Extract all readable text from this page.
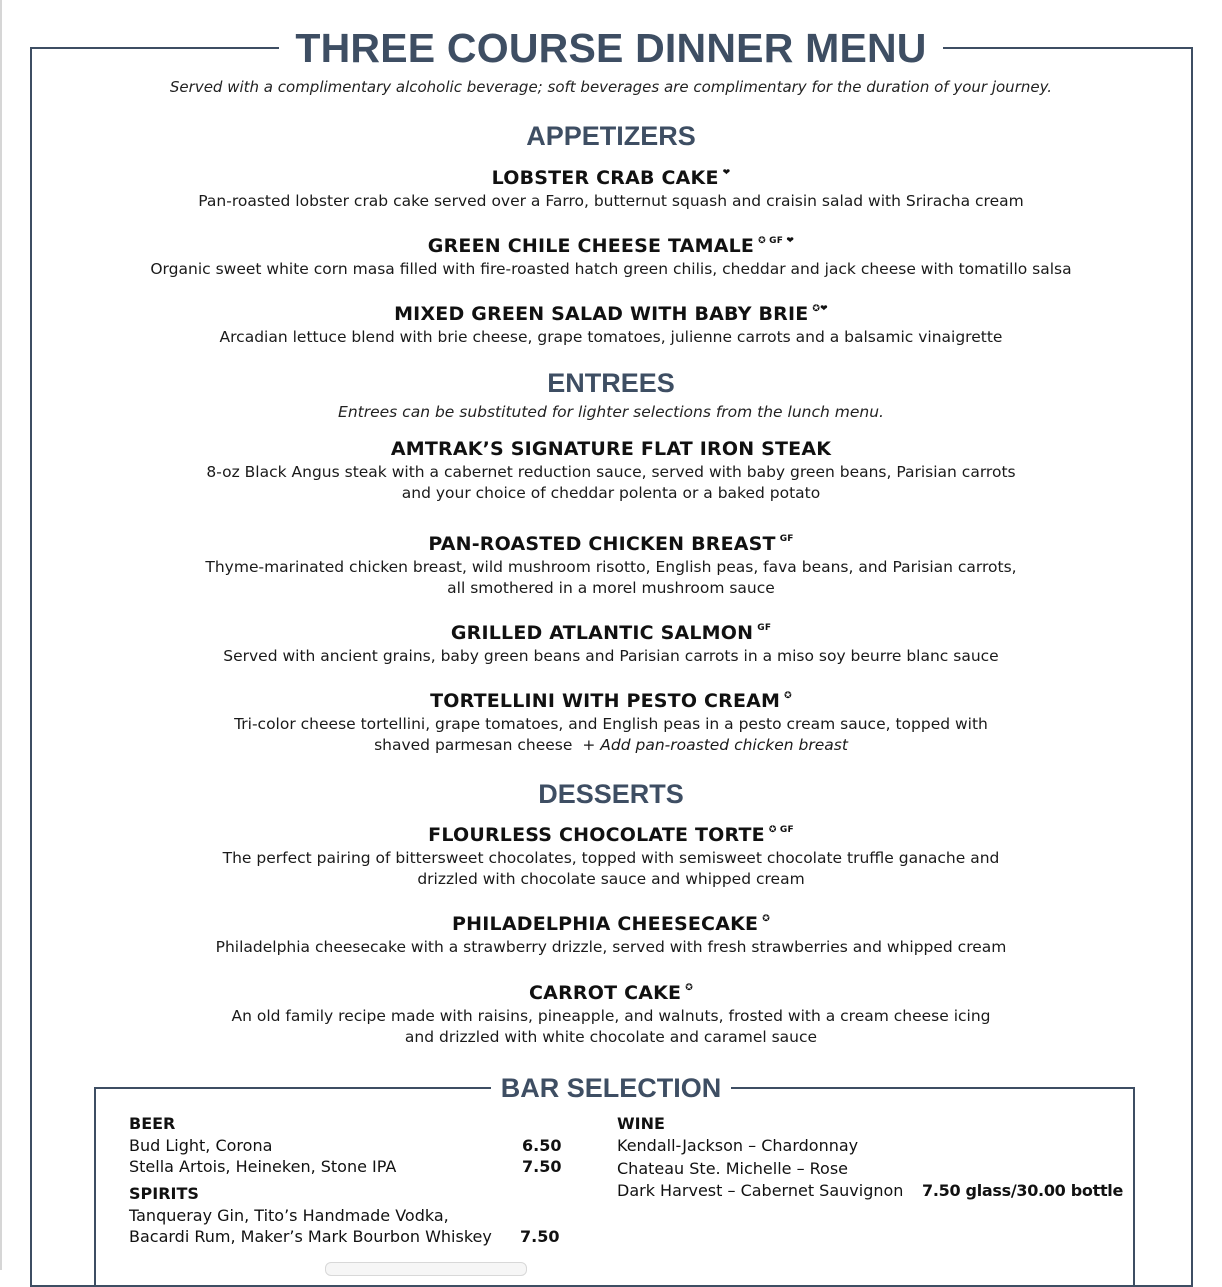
THREE COURSE DINNER MENU
Served with a complimentary alcoholic beverage; soft beverages are complimentary for the duration of your journey.
APPETIZERS
LOBSTER CRAB CAKE ❤
Pan-roasted lobster crab cake served over a Farro, butternut squash and craisin salad with Sriracha cream
GREEN CHILE CHEESE TAMALE $^{✪ GF ❤}$
Organic sweet white corn masa filled with fire-roasted hatch green chilis, cheddar and jack cheese with tomatillo salsa
MIXED GREEN SALAD WITH BABY BRIE ✪❤
Arcadian lettuce blend with brie cheese, grape tomatoes, julienne carrots and a balsamic vinaigrette
ENTREES
Entrees can be substituted for lighter selections from the lunch menu.
AMTRAK’S SIGNATURE FLAT IRON STEAK
8-oz Black Angus steak with a cabernet reduction sauce, served with baby green beans, Parisian carrots
and your choice of cheddar polenta or a baked potato
PAN-ROASTED CHICKEN BREAST $^{GF}$
Thyme-marinated chicken breast, wild mushroom risotto, English peas, fava beans, and Parisian carrots,
all smothered in a morel mushroom sauce
GRILLED ATLANTIC SALMON $^{GF}$
Served with ancient grains, baby green beans and Parisian carrots in a miso soy beurre blanc sauce
TORTELLINI WITH PESTO CREAM ✪
Tri-color cheese tortellini, grape tomatoes, and English peas in a pesto cream sauce, topped with
shaved parmesan cheese + Add pan-roasted chicken breast
DESSERTS
FLOURLESS CHOCOLATE TORTE $^{✪ GF}$
The perfect pairing of bittersweet chocolates, topped with semisweet chocolate truffle ganache and
drizzled with chocolate sauce and whipped cream
PHILADELPHIA CHEESECAKE ✪
Philadelphia cheesecake with a strawberry drizzle, served with fresh strawberries and whipped cream
CARROT CAKE ✪
An old family recipe made with raisins, pineapple, and walnuts, frosted with a cream cheese icing
and drizzled with white chocolate and caramel sauce
BAR SELECTION
BEER
Bud Light, Corona	6.50
Stella Artois, Heineken, Stone IPA	7.50
SPIRITS
Tanqueray Gin, Tito’s Handmade Vodka,
Bacardi Rum, Maker’s Mark Bourbon Whiskey 7.50
WINE
Kendall-Jackson – Chardonnay
Chateau Ste. Michelle – Rose
Dark Harvest – Cabernet Sauvignon 7.50 glass/30.00 bottle
